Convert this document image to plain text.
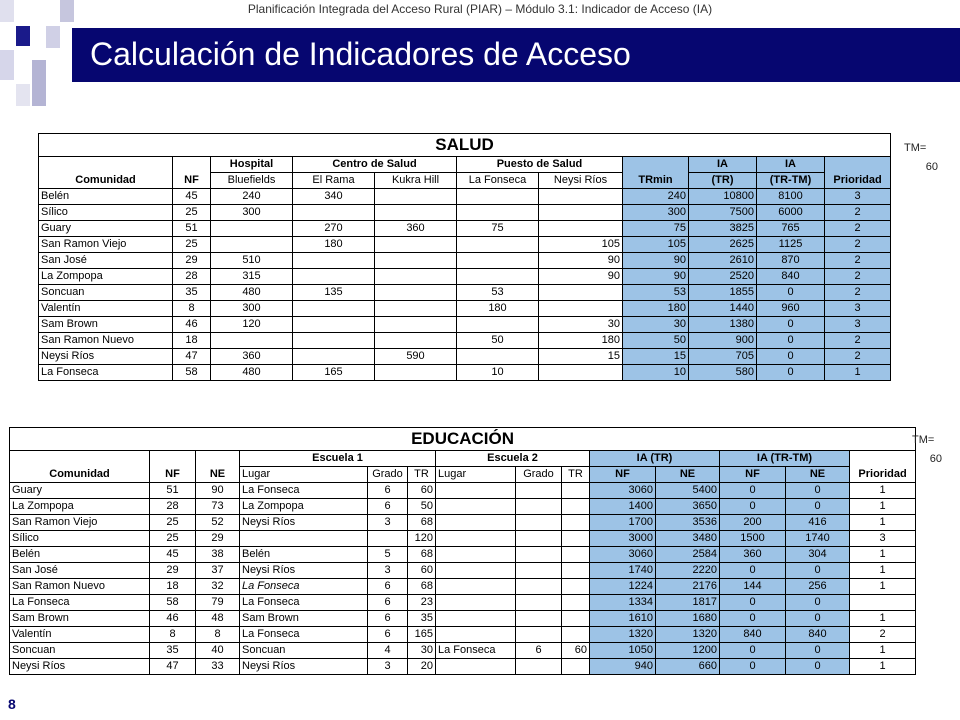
Planificación Integrada del Acceso Rural (PIAR) – Módulo 3.1: Indicador de Acceso (IA)
Calculación de Indicadores de Acceso
SALUD										
Comunidad	NF	Hospital	Centro de Salud		Puesto de Salud		TRmin	IA	IA	Prioridad
		Bluefields	El Rama	Kukra Hill	La Fonseca	Neysi Ríos		(TR)	(TR-TM)	
Belén	45	240	340				240	10800	8100	3
Sílico	25	300					300	7500	6000	2
Guary	51		270	360	75		75	3825	765	2
San Ramon Viejo	25		180			105	105	2625	1125	2
San José	29	510				90	90	2610	870	2
La Zompopa	28	315				90	90	2520	840	2
Soncuan	35	480	135		53		53	1855	0	2
Valentín	8	300			180		180	1440	960	3
Sam Brown	46	120				30	30	1380	0	3
San Ramon Nuevo	18				50	180	50	900	0	2
Neysi Ríos	47	360		590		15	15	705	0	2
La Fonseca	58	480	165		10		10	580	0	1
TM=
60
EDUCACIÓN													
Comunidad	NF	NE	Escuela 1			Escuela 2			IA (TR)		IA (TR-TM)		Prioridad
			Lugar	Grado	TR	Lugar	Grado	TR	NF	NE	NF	NE	
Guary	51	90	La Fonseca	6	60				3060	5400	0	0	1
La Zompopa	28	73	La Zompopa	6	50				1400	3650	0	0	1
San Ramon Viejo	25	52	Neysi Ríos	3	68				1700	3536	200	416	1
Sílico	25	29			120				3000	3480	1500	1740	3
Belén	45	38	Belén	5	68				3060	2584	360	304	1
San José	29	37	Neysi Ríos	3	60				1740	2220	0	0	1
San Ramon Nuevo	18	32	La Fonseca	6	68				1224	2176	144	256	1
La Fonseca	58	79	La Fonseca	6	23				1334	1817	0	0	
Sam Brown	46	48	Sam Brown	6	35				1610	1680	0	0	1
Valentín	8	8	La Fonseca	6	165				1320	1320	840	840	2
Soncuan	35	40	Soncuan	4	30	La Fonseca	6	60	1050	1200	0	0	1
Neysi Ríos	47	33	Neysi Ríos	3	20				940	660	0	0	1
TM=
60
8
